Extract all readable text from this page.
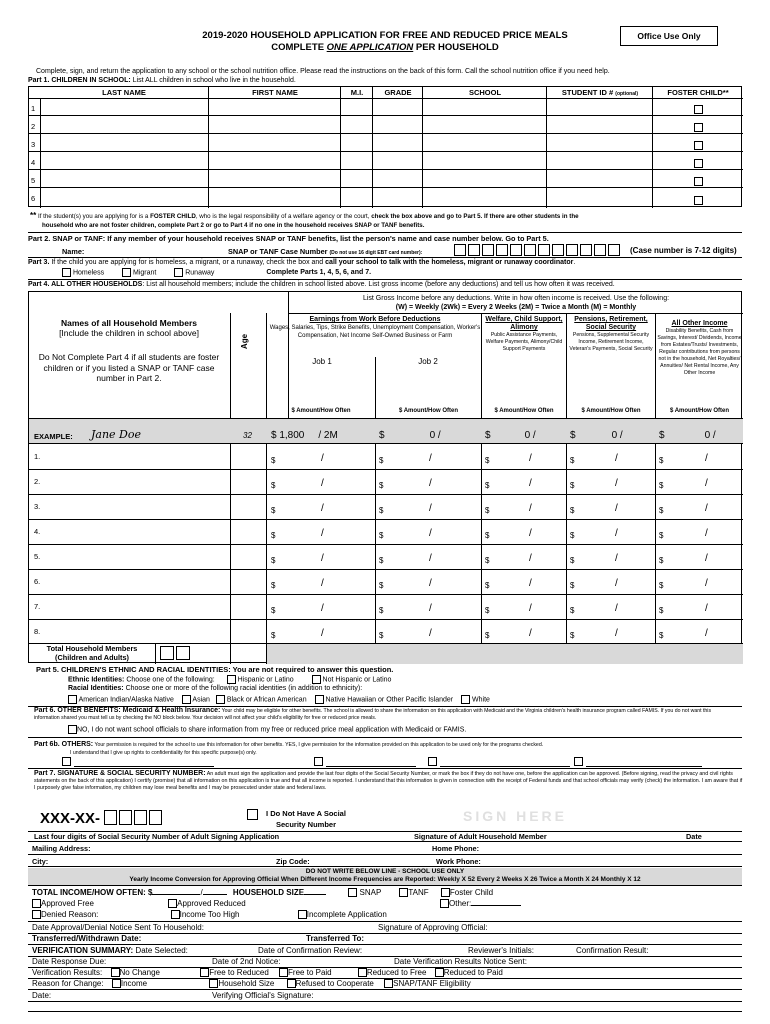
2019-2020 HOUSEHOLD APPLICATION FOR FREE AND REDUCED PRICE MEALS
COMPLETE ONE APPLICATION PER HOUSEHOLD
Office Use Only
Complete, sign, and return the application to any school or the school nutrition office. Please read the instructions on the back of this form. Call the school nutrition office if you need help.
Part 1. CHILDREN IN SCHOOL: List ALL children in school who live in the household.
LAST NAME	FIRST NAME	M.I.	GRADE	SCHOOL	STUDENT ID # (optional)	FOSTER CHILD**
1
2
3
4
5
6
** If the student(s) you are applying for is a FOSTER CHILD, who is the legal responsibility of a welfare agency or the court, check the box above and go to Part 5. If there are other students in the
household who are not foster children, complete Part 2 or go to Part 4 if no one in the household receives SNAP or TANF benefits.
Part 2. SNAP or TANF: If any member of your household receives SNAP or TANF benefits, list the person's name and case number below. Go to Part 5.
Name:	SNAP or TANF Case Number (Do not use 16 digit EBT card number):	(Case number is 7-12 digits)
Part 3. If the child you are applying for is homeless, a migrant, or a runaway, check the box and call your school to talk with the homeless, migrant or runaway coordinator.
Homeless	Migrant	Runaway	Complete Parts 1, 4, 5, 6, and 7.
Part 4. ALL OTHER HOUSEHOLDS: List all household members; include the children in school listed above. List gross income (before any deductions) and tell us how often it was received.
List Gross Income before any deductions. Write in how often income is received. Use the following:
(W) = Weekly (2Wk) = Every 2 Weeks (2M) = Twice a Month (M) = Monthly
Names of all Household Members
[Include the children in school above]
Do Not Complete Part 4 if all students are foster children or if you listed a SNAP or TANF case number in Part 2.
Age
Earnings from Work Before Deductions
Wages, Salaries, Tips, Strike Benefits, Unemployment Compensation, Worker's Compensation, Net Income Self-Owned Business or Farm
Job 1	Job 2
Welfare, Child Support, Alimony
Public Assistance Payments, Welfare Payments, Alimony/Child Support Payments
Pensions, Retirement, Social Security
Pensions, Supplemental Security Income, Retirement Income, Veteran's Payments, Social Security
All Other Income
Disability Benefits, Cash from Savings, Interest/ Dividends, Income from Estates/Trusts/ Investments, Regular contributions from persons not in the household, Net Royalties/ Annuities/ Net Rental Income, Any Other Income
$ Amount/How Often	$ Amount/How Often	$ Amount/How Often	$ Amount/How Often	$ Amount/How Often
EXAMPLE: Jane Doe	32 $ 1,800 / 2M	$	0 /	$	0 /	$	0 /	$	0 /
1.	$	/	$	/	$	/	$	/	$	/
2.	$	/	$	/	$	/	$	/	$	/
3.	$	/	$	/	$	/	$	/	$	/
4.	$	/	$	/	$	/	$	/	$	/
5.	$	/	$	/	$	/	$	/	$	/
6.	$	/	$	/	$	/	$	/	$	/
7.	$	/	$	/	$	/	$	/	$	/
8.	$	/	$	/	$	/	$	/	$	/
Total Household Members
(Children and Adults)
Part 5. CHILDREN'S ETHNIC AND RACIAL IDENTITIES: You are not required to answer this question.
Ethnic Identities: Choose one of the following:	Hispanic or Latino	Not Hispanic or Latino
Racial Identities: Choose one or more of the following racial identities (in addition to ethnicity):
American Indian/Alaska Native	Asian Black or African American	Native Hawaiian or Other Pacific Islander	White
Part 6. OTHER BENEFITS: Medicaid & Health Insurance: Your child may be eligible for other benefits. The school is allowed to share the information on this application with Medicaid and the Virginia children's health insurance program called FAMIS. If you do not want this information shared you must tell us by checking the NO block below. Your decision will not affect your child's eligibility for free or reduced price meals.
NO, I do not want school officials to share information from my free or reduced price meal application with Medicaid or FAMIS.
Part 6b. OTHERS: Your permission is required for the school to use this information for other benefits. YES, I give permission for the information provided on this application to be used only for the programs checked.
I understand that I give up rights to confidentiality for this specific purpose(s) only.
Part 7. SIGNATURE & SOCIAL SECURITY NUMBER: An adult must sign the application and provide the last four digits of the Social Security Number, or mark the box if they do not have one, before the application can be approved. (Before signing, read the privacy and civil rights statements on the back of this application) I certify (promise) that all information on this application is true and that all income is reported. I understand that this information is given in connection with the receipt of Federal funds and that school officials may verify (check) the information. I am aware that if I purposely give false information, my children may lose meal benefits and I may be prosecuted under state and federal laws.
XXX-XX-	I Do Not Have A Social Security Number
SIGN HERE
Last four digits of Social Security Number of Adult Signing Application	Signature of Adult Household Member	Date
Mailing Address:	Home Phone:
City:	Zip Code:	Work Phone:
DO NOT WRITE BELOW LINE - SCHOOL USE ONLY
Yearly Income Conversion for Approving Official When Different Income Frequencies are Reported: Weekly X 52 Every 2 Weeks X 26 Twice a Month X 24 Monthly X 12
TOTAL INCOME/HOW OFTEN: $	/	HOUSEHOLD SIZE	SNAP	TANF	Foster Child
Approved Free	Approved Reduced	Other:
Denied Reason:	Income Too High	Incomplete Application
Date Approval/Denial Notice Sent To Household:	Signature of Approving Official:
Transferred/Withdrawn Date:	Transferred To:
VERIFICATION SUMMARY: Date Selected:	Date of Confirmation Review:	Reviewer's Initials:	Confirmation Result:
Date Response Due:	Date of 2nd Notice:	Date Verification Results Notice Sent:
Verification Results: No Change	Free to Reduced Free to Paid	Reduced to Free Reduced to Paid
Reason for Change: Income	Household Size	Refused to Cooperate SNAP/TANF Eligibility
Date:	Verifying Official's Signature:
